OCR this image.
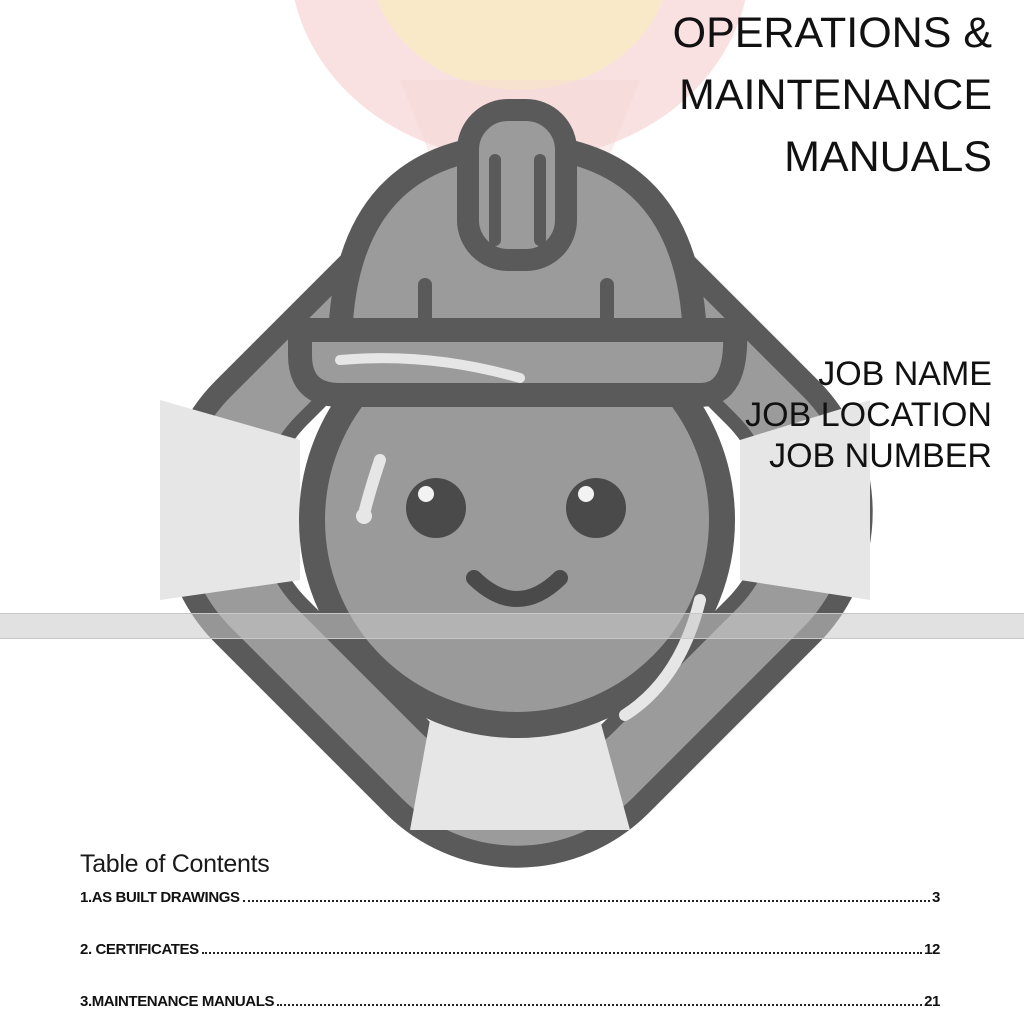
OPERATIONS &
MAINTENANCE
MANUALS
JOB NAME
JOB LOCATION
JOB NUMBER
Table of Contents
1.AS BUILT DRAWINGS	3
2. CERTIFICATES	12
3.MAINTENANCE MANUALS	21
